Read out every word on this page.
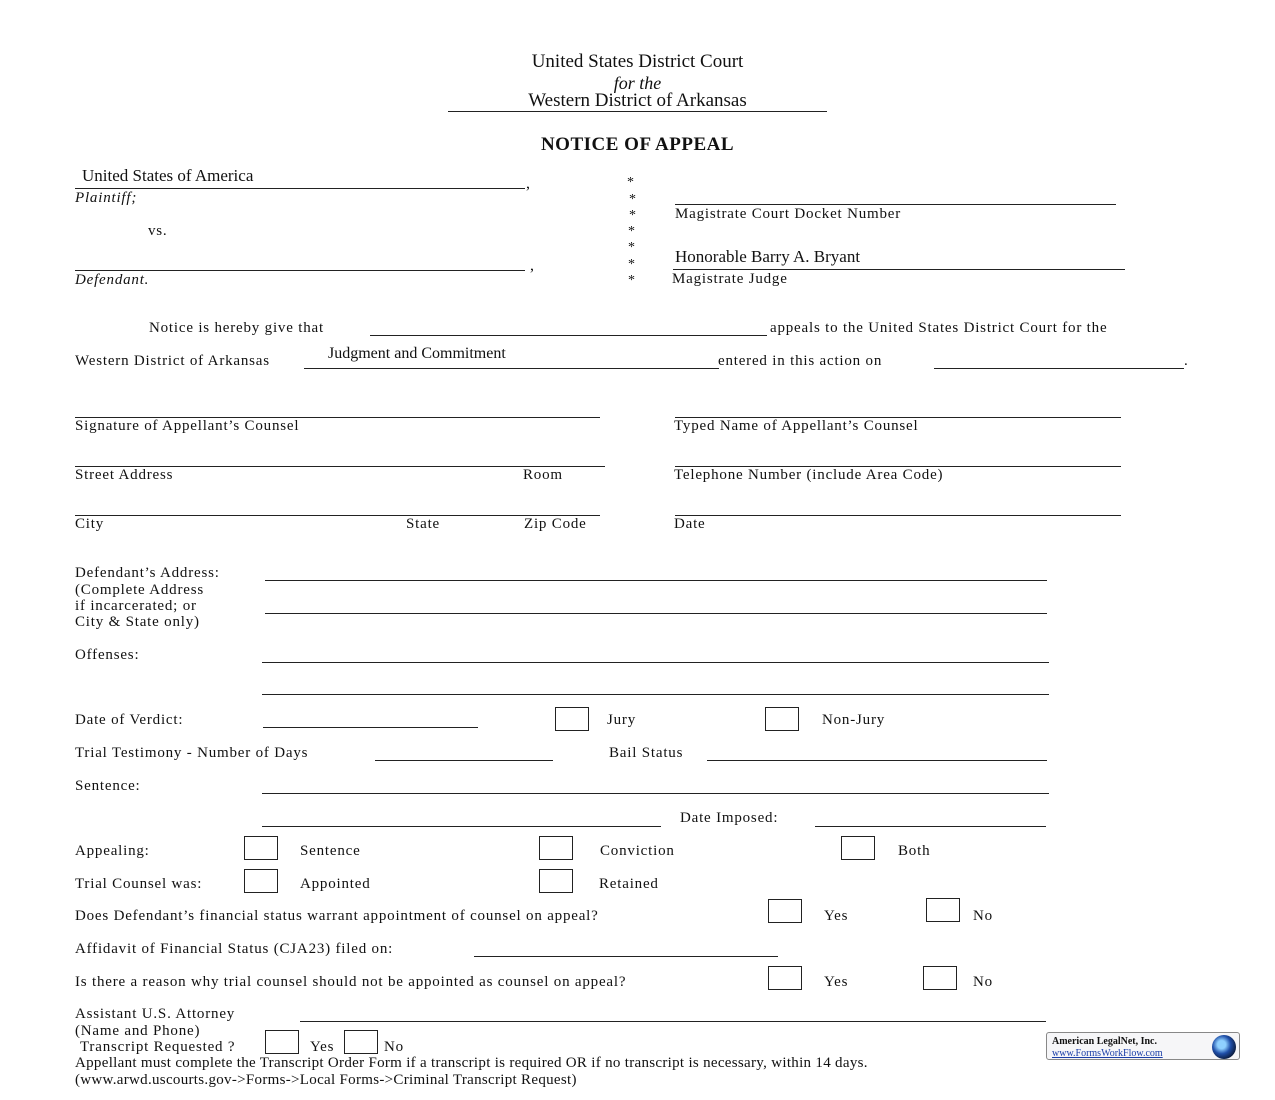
United States District Court
for the
Western District of Arkansas
NOTICE OF APPEAL
United States of America	,
Plaintiff;
vs.
,
Defendant.
*
*
*
*
*
*
*
Magistrate Court Docket Number
Honorable Barry A. Bryant
Magistrate Judge
Notice is hereby give that	appeals to the United States District Court for the
Western District of Arkansas	Judgment and Commitment	entered in this action on	.
Signature of Appellant’s Counsel	Typed Name of Appellant’s Counsel
Street Address	Room	Telephone Number (include Area Code)
City	State	Zip Code	Date
Defendant’s Address:
(Complete Address
if incarcerated; or
City & State only)
Offenses:
Date of Verdict:	Jury	Non-Jury
Trial Testimony - Number of Days	Bail Status
Sentence:
Date Imposed:
Appealing:	Sentence	Conviction	Both
Trial Counsel was:	Appointed	Retained
Does Defendant’s financial status warrant appointment of counsel on appeal?	Yes	No
Affidavit of Financial Status (CJA23) filed on:
Is there a reason why trial counsel should not be appointed as counsel on appeal?	Yes	No
Assistant U.S. Attorney
(Name and Phone)
Transcript Requested ?	Yes	No
Appellant must complete the Transcript Order Form if a transcript is required OR if no transcript is necessary, within 14 days.
(www.arwd.uscourts.gov->Forms->Local Forms->Criminal Transcript Request)
American LegalNet, Inc.
www.FormsWorkFlow.com
